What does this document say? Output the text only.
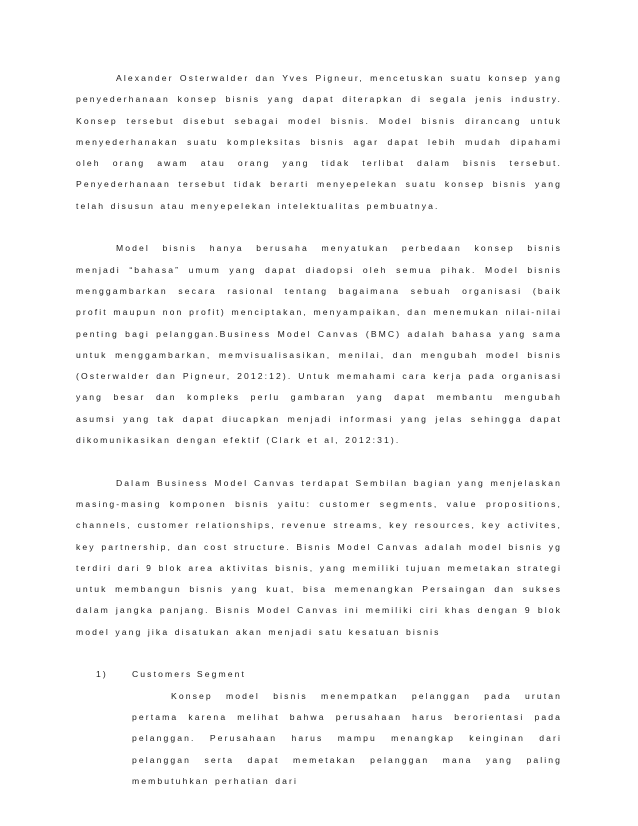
Alexander Osterwalder dan Yves Pigneur, mencetuskan suatu konsep yang penyederhanaan konsep bisnis yang dapat diterapkan di segala jenis industry. Konsep tersebut disebut sebagai model bisnis. Model bisnis dirancang untuk menyederhanakan suatu kompleksitas bisnis agar dapat lebih mudah dipahami oleh orang awam atau orang yang tidak terlibat dalam bisnis tersebut. Penyederhanaan tersebut tidak berarti menyepelekan suatu konsep bisnis yang telah disusun atau menyepelekan intelektualitas pembuatnya.

Model bisnis hanya berusaha menyatukan perbedaan konsep bisnis menjadi “bahasa” umum yang dapat diadopsi oleh semua pihak. Model bisnis menggambarkan secara rasional tentang bagaimana sebuah organisasi (baik profit maupun non profit) menciptakan, menyampaikan, dan menemukan nilai-nilai penting bagi pelanggan.Business Model Canvas (BMC) adalah bahasa yang sama untuk menggambarkan, memvisualisasikan, menilai, dan mengubah model bisnis (Osterwalder dan Pigneur, 2012:12). Untuk memahami cara kerja pada organisasi yang besar dan kompleks perlu gambaran yang dapat membantu mengubah asumsi yang tak dapat diucapkan menjadi informasi yang jelas sehingga dapat dikomunikasikan dengan efektif (Clark et al, 2012:31).

Dalam Business Model Canvas terdapat Sembilan bagian yang menjelaskan masing-masing komponen bisnis yaitu: customer segments, value propositions, channels, customer relationships, revenue streams, key resources, key activites, key partnership, dan cost structure. Bisnis Model Canvas adalah model bisnis yg terdiri dari 9 blok area aktivitas bisnis, yang memiliki tujuan memetakan strategi untuk membangun bisnis yang kuat, bisa memenangkan Persaingan dan sukses dalam jangka panjang. Bisnis Model Canvas ini memiliki ciri khas dengan 9 blok model yang jika disatukan akan menjadi satu kesatuan bisnis

1)	Customers Segment

Konsep model bisnis menempatkan pelanggan pada urutan pertama karena melihat bahwa perusahaan harus berorientasi pada pelanggan. Perusahaan harus mampu menangkap keinginan dari pelanggan serta dapat memetakan pelanggan mana yang paling membutuhkan perhatian dari
